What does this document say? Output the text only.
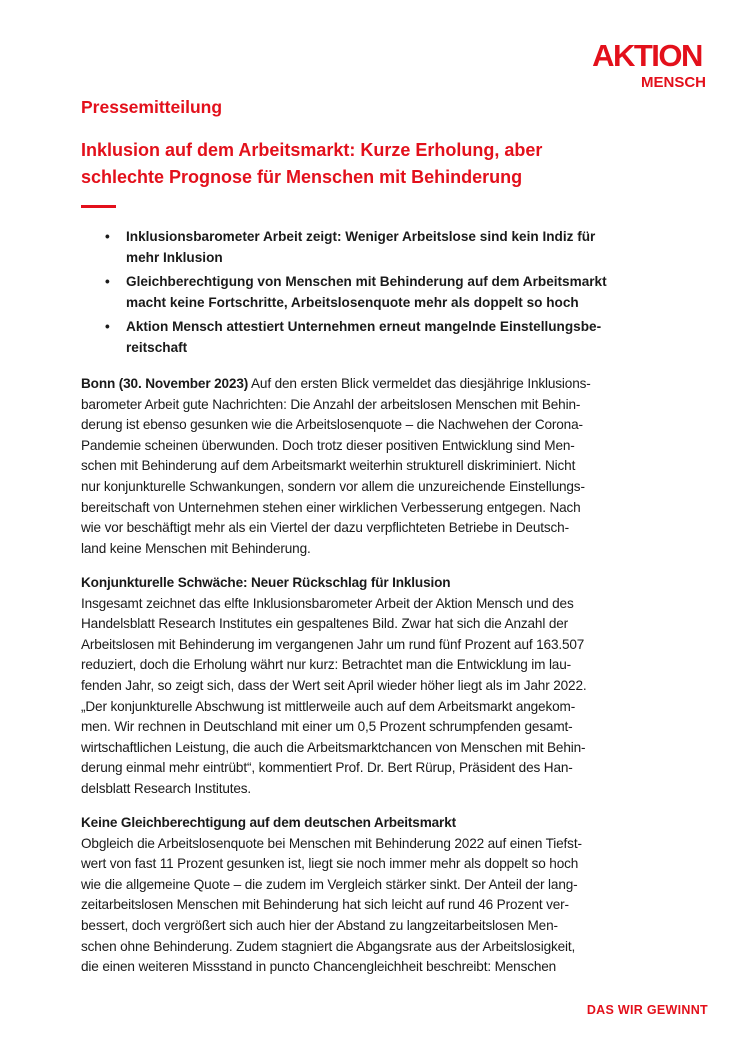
AKTION
MENSCH
Pressemitteilung
Inklusion auf dem Arbeitsmarkt: Kurze Erholung, aber
schlechte Prognose für Menschen mit Behinderung
• Inklusionsbarometer Arbeit zeigt: Weniger Arbeitslose sind kein Indiz für
mehr Inklusion
• Gleichberechtigung von Menschen mit Behinderung auf dem Arbeitsmarkt
macht keine Fortschritte, Arbeitslosenquote mehr als doppelt so hoch
• Aktion Mensch attestiert Unternehmen erneut mangelnde Einstellungsbe-
reitschaft
Bonn (30. November 2023) Auf den ersten Blick vermeldet das diesjährige Inklusions-
barometer Arbeit gute Nachrichten: Die Anzahl der arbeitslosen Menschen mit Behin-
derung ist ebenso gesunken wie die Arbeitslosenquote – die Nachwehen der Corona-
Pandemie scheinen überwunden. Doch trotz dieser positiven Entwicklung sind Men-
schen mit Behinderung auf dem Arbeitsmarkt weiterhin strukturell diskriminiert. Nicht
nur konjunkturelle Schwankungen, sondern vor allem die unzureichende Einstellungs-
bereitschaft von Unternehmen stehen einer wirklichen Verbesserung entgegen. Nach
wie vor beschäftigt mehr als ein Viertel der dazu verpflichteten Betriebe in Deutsch-
land keine Menschen mit Behinderung.
Konjunkturelle Schwäche: Neuer Rückschlag für Inklusion
Insgesamt zeichnet das elfte Inklusionsbarometer Arbeit der Aktion Mensch und des
Handelsblatt Research Institutes ein gespaltenes Bild. Zwar hat sich die Anzahl der
Arbeitslosen mit Behinderung im vergangenen Jahr um rund fünf Prozent auf 163.507
reduziert, doch die Erholung währt nur kurz: Betrachtet man die Entwicklung im lau-
fenden Jahr, so zeigt sich, dass der Wert seit April wieder höher liegt als im Jahr 2022.
„Der konjunkturelle Abschwung ist mittlerweile auch auf dem Arbeitsmarkt angekom-
men. Wir rechnen in Deutschland mit einer um 0,5 Prozent schrumpfenden gesamt-
wirtschaftlichen Leistung, die auch die Arbeitsmarktchancen von Menschen mit Behin-
derung einmal mehr eintrübt“, kommentiert Prof. Dr. Bert Rürup, Präsident des Han-
delsblatt Research Institutes.
Keine Gleichberechtigung auf dem deutschen Arbeitsmarkt
Obgleich die Arbeitslosenquote bei Menschen mit Behinderung 2022 auf einen Tiefst-
wert von fast 11 Prozent gesunken ist, liegt sie noch immer mehr als doppelt so hoch
wie die allgemeine Quote – die zudem im Vergleich stärker sinkt. Der Anteil der lang-
zeitarbeitslosen Menschen mit Behinderung hat sich leicht auf rund 46 Prozent ver-
bessert, doch vergrößert sich auch hier der Abstand zu langzeitarbeitslosen Men-
schen ohne Behinderung. Zudem stagniert die Abgangsrate aus der Arbeitslosigkeit,
die einen weiteren Missstand in puncto Chancengleichheit beschreibt: Menschen
DAS WIR GEWINNT
